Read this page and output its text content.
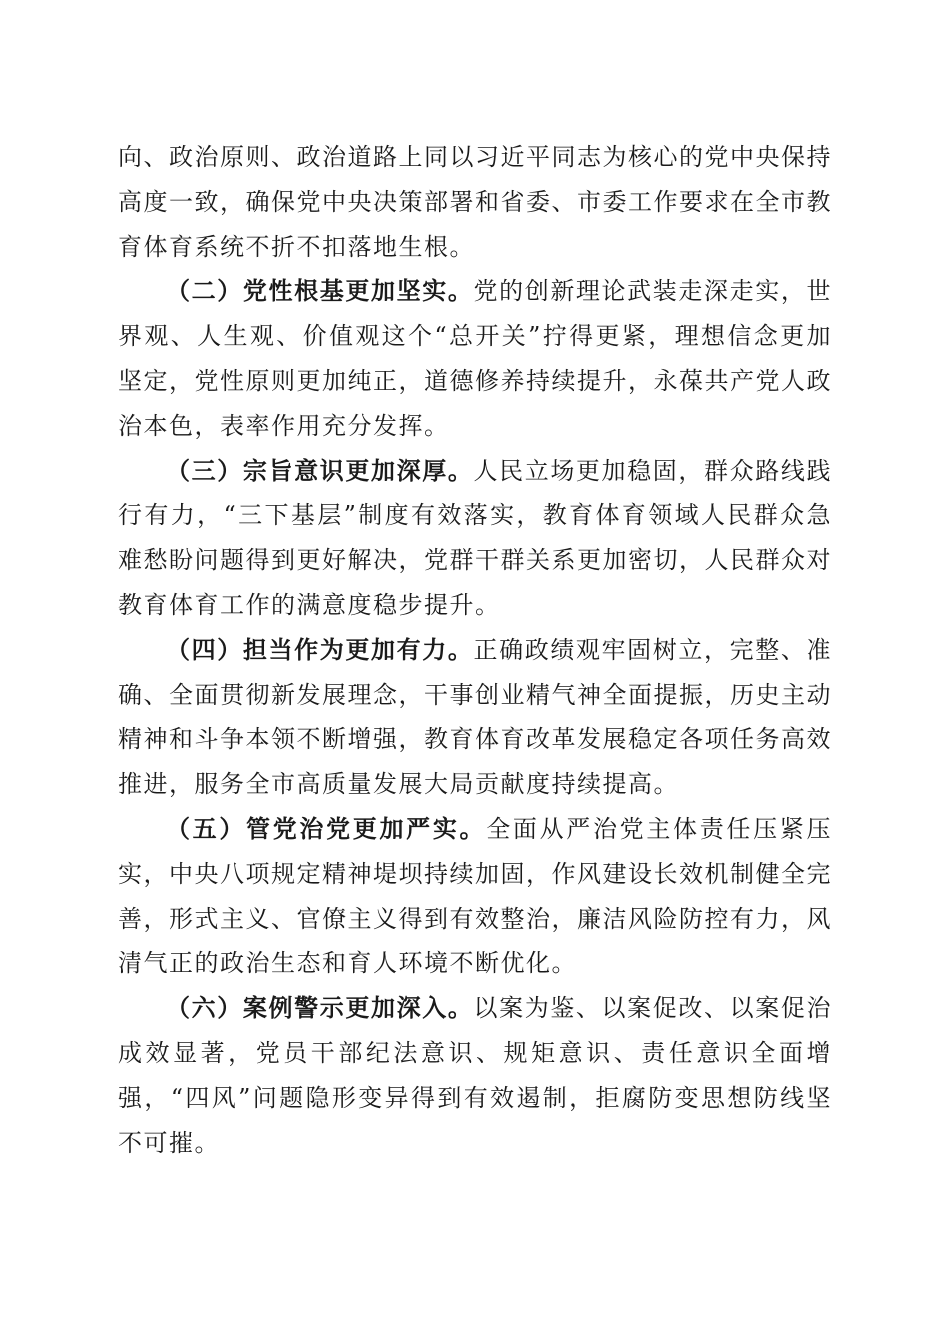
向、政治原则、政治道路上同以习近平同志为核心的党中央保持高度一致，确保党中央决策部署和省委、市委工作要求在全市教育体育系统不折不扣落地生根。

（二）党性根基更加坚实。党的创新理论武装走深走实，世界观、人生观、价值观这个“总开关”拧得更紧，理想信念更加坚定，党性原则更加纯正，道德修养持续提升，永葆共产党人政治本色，表率作用充分发挥。

（三）宗旨意识更加深厚。人民立场更加稳固，群众路线践行有力，“三下基层”制度有效落实，教育体育领域人民群众急难愁盼问题得到更好解决，党群干群关系更加密切，人民群众对教育体育工作的满意度稳步提升。

（四）担当作为更加有力。正确政绩观牢固树立，完整、准确、全面贯彻新发展理念，干事创业精气神全面提振，历史主动精神和斗争本领不断增强，教育体育改革发展稳定各项任务高效推进，服务全市高质量发展大局贡献度持续提高。

（五）管党治党更加严实。全面从严治党主体责任压紧压实，中央八项规定精神堤坝持续加固，作风建设长效机制健全完善，形式主义、官僚主义得到有效整治，廉洁风险防控有力，风清气正的政治生态和育人环境不断优化。

（六）案例警示更加深入。以案为鉴、以案促改、以案促治成效显著，党员干部纪法意识、规矩意识、责任意识全面增强，“四风”问题隐形变异得到有效遏制，拒腐防变思想防线坚不可摧。
